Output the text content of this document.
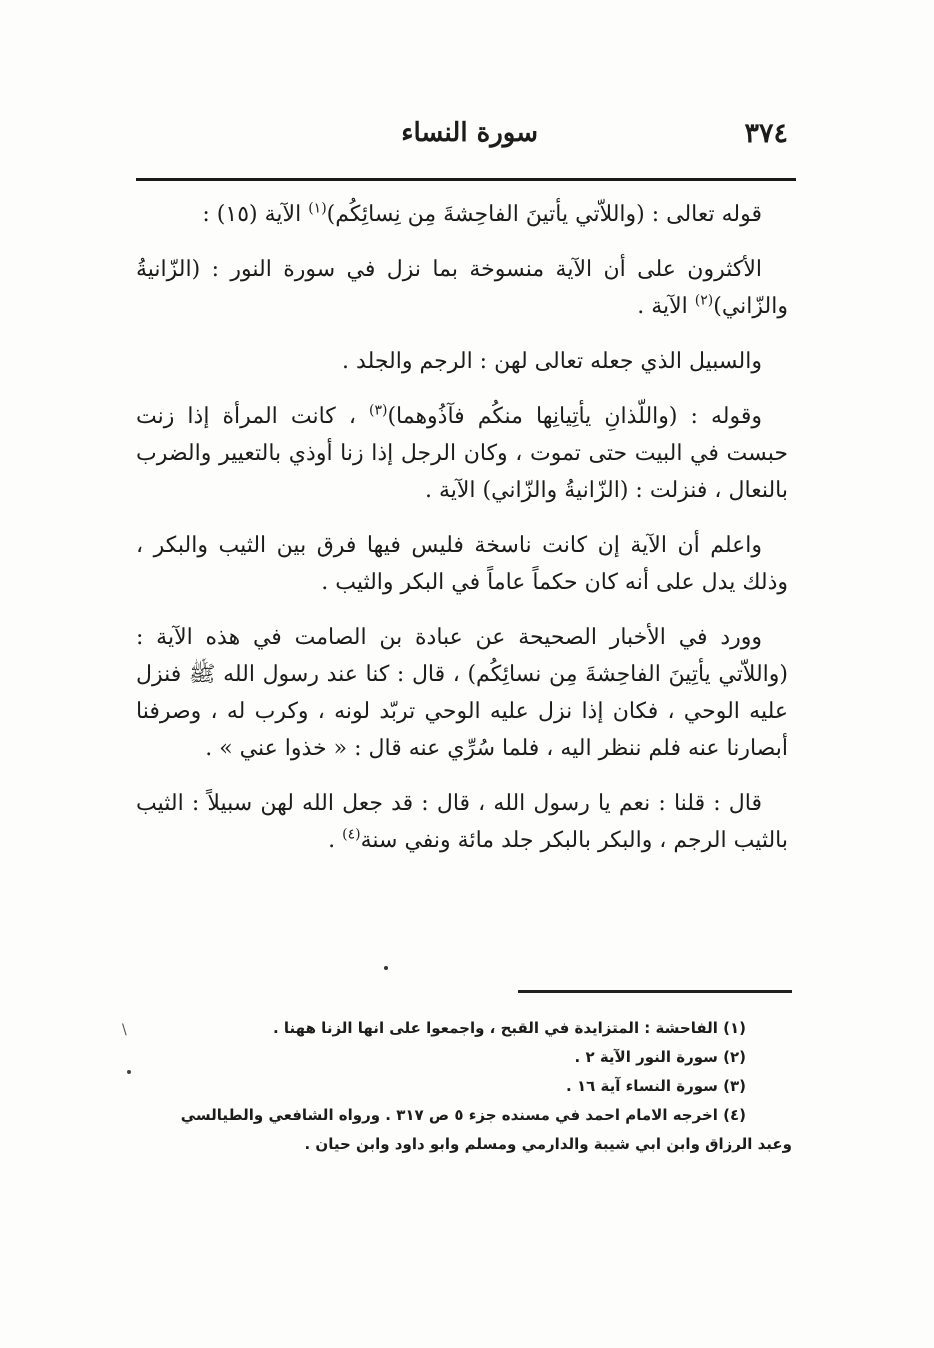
٣٧٤
سورة النساء

قوله تعالى : (واللاّتي يأتينَ الفاحِشةَ مِن نِسائِكُم)$^{(١)}$ الآية (١٥) :

الأكثرون على أن الآية منسوخة بما نزل في سورة النور : (الزّانيةُ والزّاني)$^{(٢)}$ الآية .

والسبيل الذي جعله تعالى لهن : الرجم والجلد .

وقوله : (واللّذانِ يأتِيانِها منكُم فآذُوهما)$^{(٣)}$ ، كانت المرأة إذا زنت حبست في البيت حتى تموت ، وكان الرجل إذا زنا أوذي بالتعيير والضرب بالنعال ، فنزلت : (الزّانيةُ والزّاني) الآية .

واعلم أن الآية إن كانت ناسخة فليس فيها فرق بين الثيب والبكر ، وذلك يدل على أنه كان حكماً عاماً في البكر والثيب .

وورد في الأخبار الصحيحة عن عبادة بن الصامت في هذه الآية : (واللاّتي يأتِينَ الفاحِشةَ مِن نسائِكُم) ، قال : كنا عند رسول الله ﷺ فنزل عليه الوحي ، فكان إذا نزل عليه الوحي تربّد لونه ، وكرب له ، وصرفنا أبصارنا عنه فلم ننظر اليه ، فلما سُرِّي عنه قال : « خذوا عني » .

قال : قلنا : نعم يا رسول الله ، قال : قد جعل الله لهن سبيلاً : الثيب بالثيب الرجم ، والبكر بالبكر جلد مائة ونفي سنة$^{(٤)}$ .

(١) الفاحشة : المتزايدة في القبح ، واجمعوا على انها الزنا ههنا .

(٢) سورة النور الآية ٢ .

(٣) سورة النساء آية ١٦ .

(٤) اخرجه الامام احمد في مسنده جزء ٥ ص ٣١٧ . ورواه الشافعي والطيالسي

وعبد الرزاق وابن ابي شيبة والدارمي ومسلم وابو داود وابن حيان .

\
